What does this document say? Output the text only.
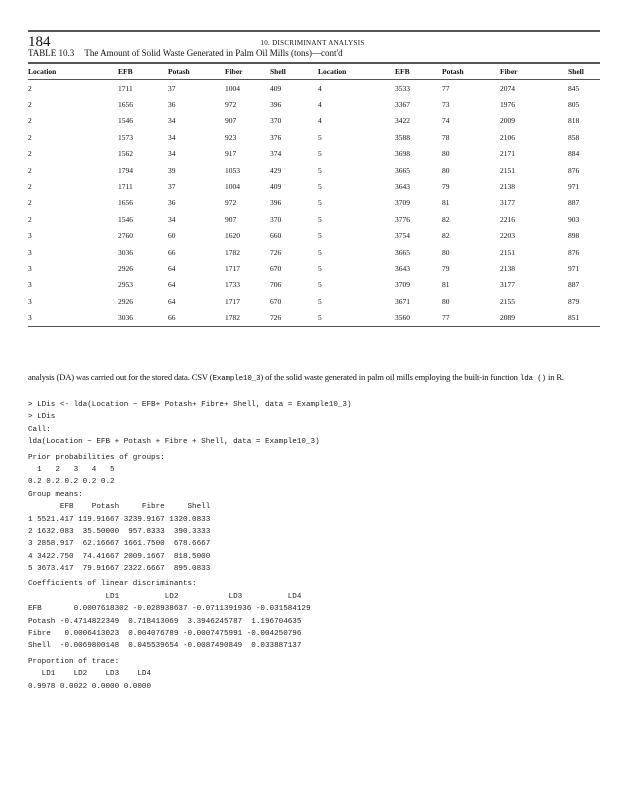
184	10. DISCRIMINANT ANALYSIS
TABLE 10.3 The Amount of Solid Waste Generated in Palm Oil Mills (tons)—cont'd
Location	EFB	Potash	Fiber	Shell	Location	EFB	Potash	Fiber	Shell
2	1711	37	1004	409	4	3533	77	2074	845
2	1656	36	972	396	4	3367	73	1976	805
2	1546	34	907	370	4	3422	74	2009	818
2	1573	34	923	376	5	3588	78	2106	858
2	1562	34	917	374	5	3698	80	2171	884
2	1794	39	1053	429	5	3665	80	2151	876
2	1711	37	1004	409	5	3643	79	2138	971
2	1656	36	972	396	5	3709	81	3177	887
2	1546	34	907	370	5	3776	82	2216	903
3	2760	60	1620	660	5	3754	82	2203	898
3	3036	66	1782	726	5	3665	80	2151	876
3	2926	64	1717	670	5	3643	79	2138	971
3	2953	64	1733	706	5	3709	81	3177	887
3	2926	64	1717	670	5	3671	80	2155	879
3	3036	66	1782	726	5	3560	77	2089	851
analysis (DA) was carried out for the stored data. CSV (Example10_3) of the solid waste generated in palm oil mills employing the built-in function lda () in R.
> LDis <- lda(Location ~ EFB+ Potash+ Fibre+ Shell, data = Example10_3)
> LDis
Call:
lda(Location ~ EFB + Potash + Fibre + Shell, data = Example10_3)
Prior probabilities of groups:
1   2   3   4   5
0.2 0.2 0.2 0.2 0.2
Group means:
EFB    Potash     Fibre     Shell
1 5521.417 119.91667 3239.9167 1320.0833
2 1632.083  35.50000  957.8333  390.3333
3 2858.917  62.16667 1661.7500  678.6667
4 3422.750  74.41667 2009.1667  818.5000
5 3673.417  79.91667 2322.6667  895.0833
Coefficients of linear discriminants:
LD1          LD2           LD3          LD4
EFB       0.0007618302 -0.028938637 -0.0711391936 -0.031584129
Potash -0.4714822349  0.718413069  3.3946245787  1.196704635
Fibre   0.0006413023  0.004076789 -0.0007475991 -0.004250796
Shell  -0.0069800148  0.045539654 -0.0087490849  0.033887137
Proportion of trace:
LD1    LD2    LD3    LD4
0.9978 0.0022 0.0000 0.0000
